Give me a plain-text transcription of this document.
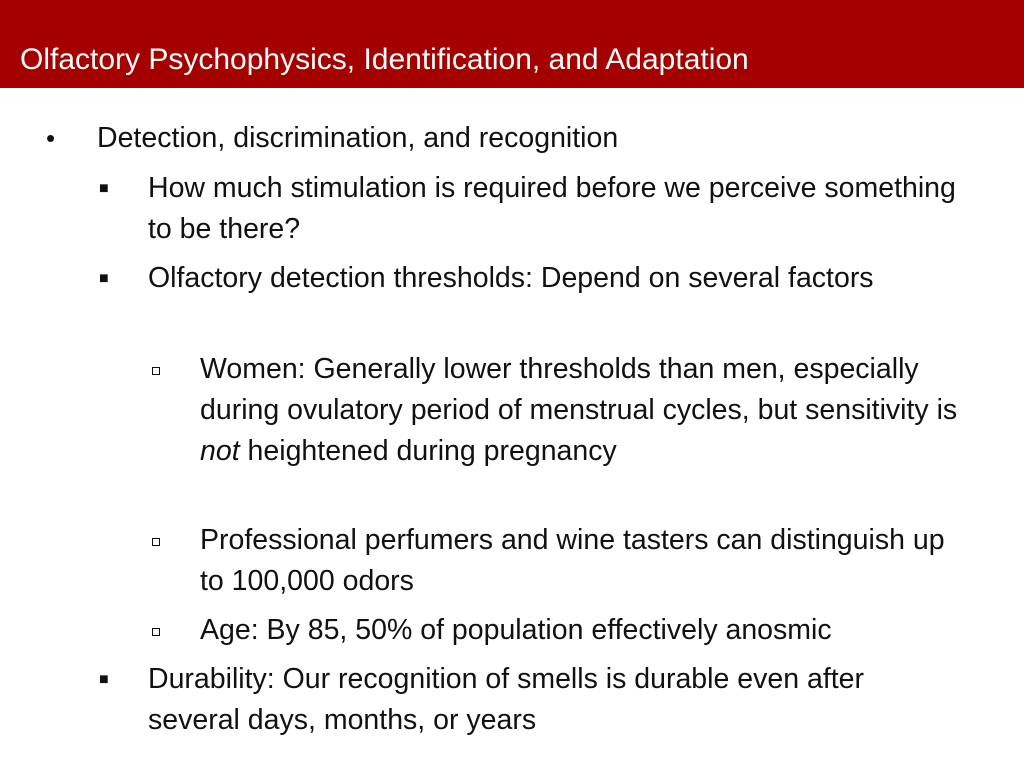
Olfactory Psychophysics, Identification, and Adaptation
• Detection, discrimination, and recognition
■ How much stimulation is required before we perceive something to be there?
■ Olfactory detection thresholds: Depend on several factors
Women: Generally lower thresholds than men, especially during ovulatory period of menstrual cycles, but sensitivity is not heightened during pregnancy
Professional perfumers and wine tasters can distinguish up to 100,000 odors
Age: By 85, 50% of population effectively anosmic
■ Durability: Our recognition of smells is durable even after several days, months, or years
